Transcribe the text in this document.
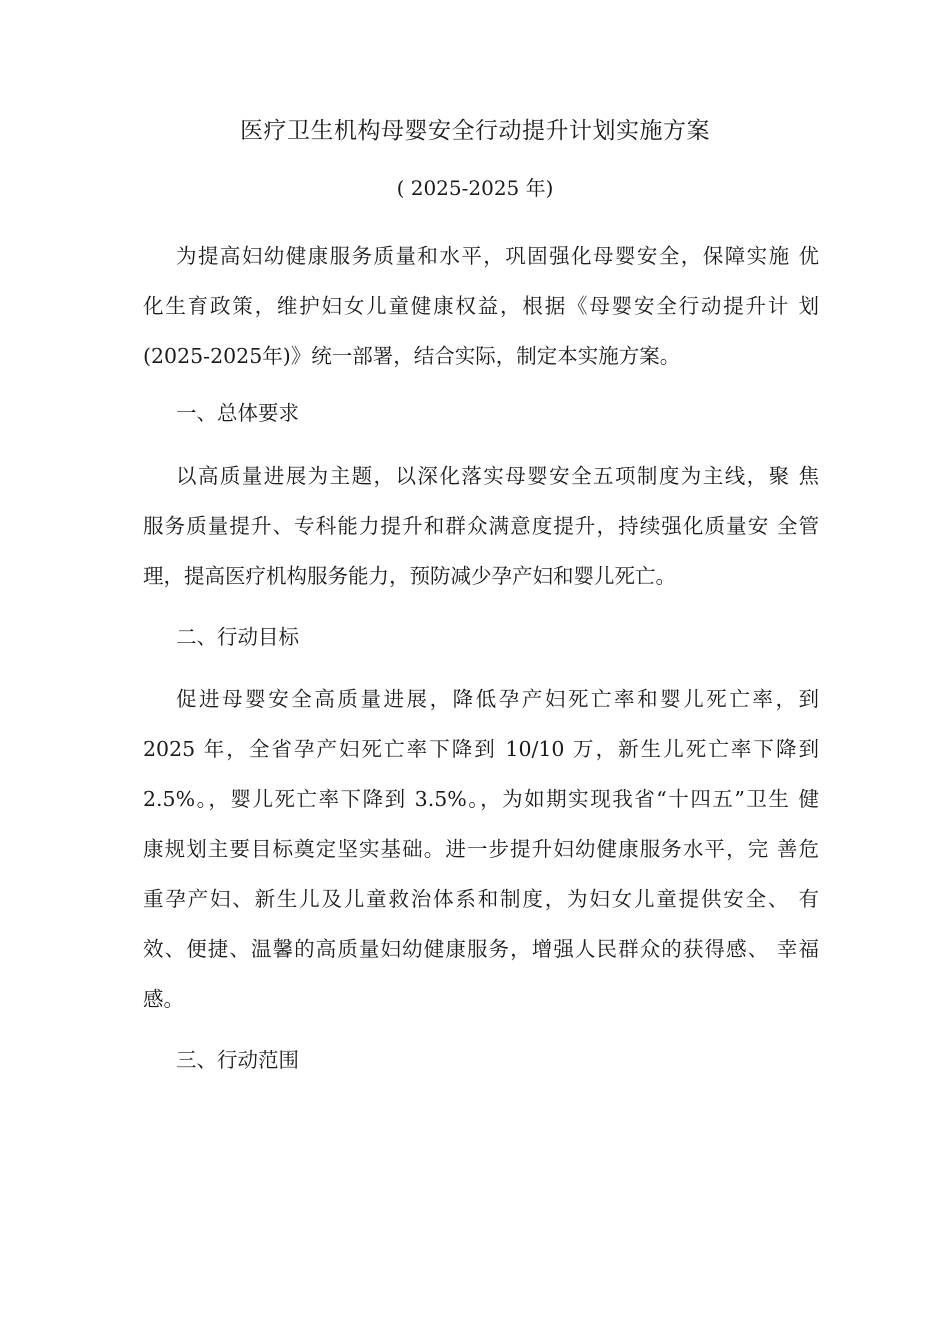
医疗卫生机构母婴安全行动提升计划实施方案
( 2025-2025 年)
为提高妇幼健康服务质量和水平，巩固强化母婴安全，保障实施 优
化生育政策，维护妇女儿童健康权益，根据《母婴安全行动提升计 划
(2025-2025年)》统一部署，结合实际，制定本实施方案。
一、总体要求
以高质量进展为主题，以深化落实母婴安全五项制度为主线，聚 焦
服务质量提升、专科能力提升和群众满意度提升，持续强化质量安 全管
理，提高医疗机构服务能力，预防减少孕产妇和婴儿死亡。
二、行动目标
促进母婴安全高质量进展，降低孕产妇死亡率和婴儿死亡率，到
2025 年，全省孕产妇死亡率下降到 10/10 万，新生儿死亡率下降到
2.5%。，婴儿死亡率下降到 3.5%。，为如期实现我省“十四五”卫生 健
康规划主要目标奠定坚实基础。进一步提升妇幼健康服务水平，完 善危
重孕产妇、新生儿及儿童救治体系和制度，为妇女儿童提供安全、 有
效、便捷、温馨的高质量妇幼健康服务，增强人民群众的获得感、 幸福
感。
三、行动范围
